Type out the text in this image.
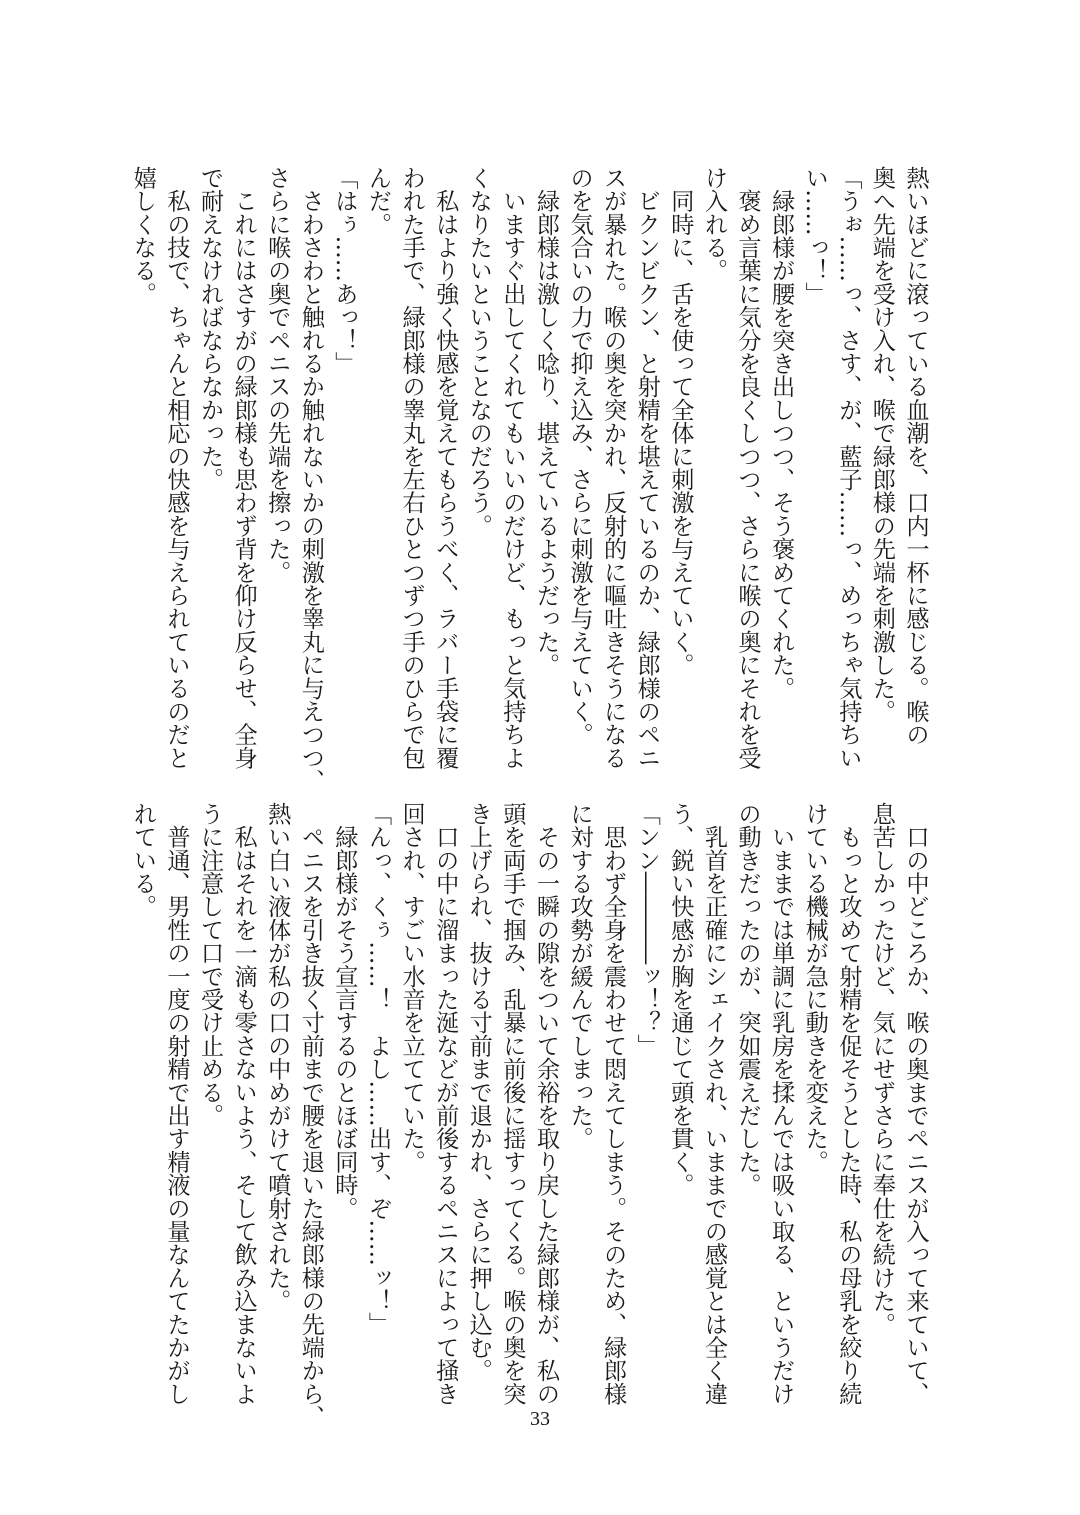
熱いほどに滾っている血潮を、口内一杯に感じる。喉の
奥へ先端を受け入れ、喉で緑郎様の先端を刺激した。
「うぉ……っ、さす、が、藍子……っ、めっちゃ気持ちい
い……っ！」
　緑郎様が腰を突き出しつつ、そう褒めてくれた。
　褒め言葉に気分を良くしつつ、さらに喉の奥にそれを受
け入れる。
　同時に、舌を使って全体に刺激を与えていく。
　ビクンビクン、と射精を堪えているのか、緑郎様のペニ
スが暴れた。喉の奥を突かれ、反射的に嘔吐きそうになる
のを気合いの力で抑え込み、さらに刺激を与えていく。
　緑郎様は激しく唸り、堪えているようだった。
　いますぐ出してくれてもいいのだけど、もっと気持ちよ
くなりたいということなのだろう。
　私はより強く快感を覚えてもらうべく、ラバー手袋に覆
われた手で、緑郎様の睾丸を左右ひとつずつ手のひらで包
んだ。
「はぅ……あっ！」
　さわさわと触れるか触れないかの刺激を睾丸に与えつつ、
さらに喉の奥でペニスの先端を擦った。
　これにはさすがの緑郎様も思わず背を仰け反らせ、全身
で耐えなければならなかった。
　私の技で、ちゃんと相応の快感を与えられているのだと
嬉しくなる。
　口の中どころか、喉の奥までペニスが入って来ていて、
息苦しかったけど、気にせずさらに奉仕を続けた。
　もっと攻めて射精を促そうとした時、私の母乳を絞り続
けている機械が急に動きを変えた。
　いままでは単調に乳房を揉んでは吸い取る、というだけ
の動きだったのが、突如震えだした。
　乳首を正確にシェイクされ、いままでの感覚とは全く違
う、鋭い快感が胸を通じて頭を貫く。
「ンン――――ッ！？」
　思わず全身を震わせて悶えてしまう。そのため、緑郎様
に対する攻勢が緩んでしまった。
　その一瞬の隙をついて余裕を取り戻した緑郎様が、私の
頭を両手で掴み、乱暴に前後に揺すってくる。喉の奥を突
き上げられ、抜ける寸前まで退かれ、さらに押し込む。
　口の中に溜まった涎などが前後するペニスによって掻き
回され、すごい水音を立てていた。
「んっ、くぅ……！　よし……出す、ぞ……ッ！」
　緑郎様がそう宣言するのとほぼ同時。
　ペニスを引き抜く寸前まで腰を退いた緑郎様の先端から、
熱い白い液体が私の口の中めがけて噴射された。
　私はそれを一滴も零さないよう、そして飲み込まないよ
うに注意して口で受け止める。
　普通、男性の一度の射精で出す精液の量なんてたかがし
れている。
33
